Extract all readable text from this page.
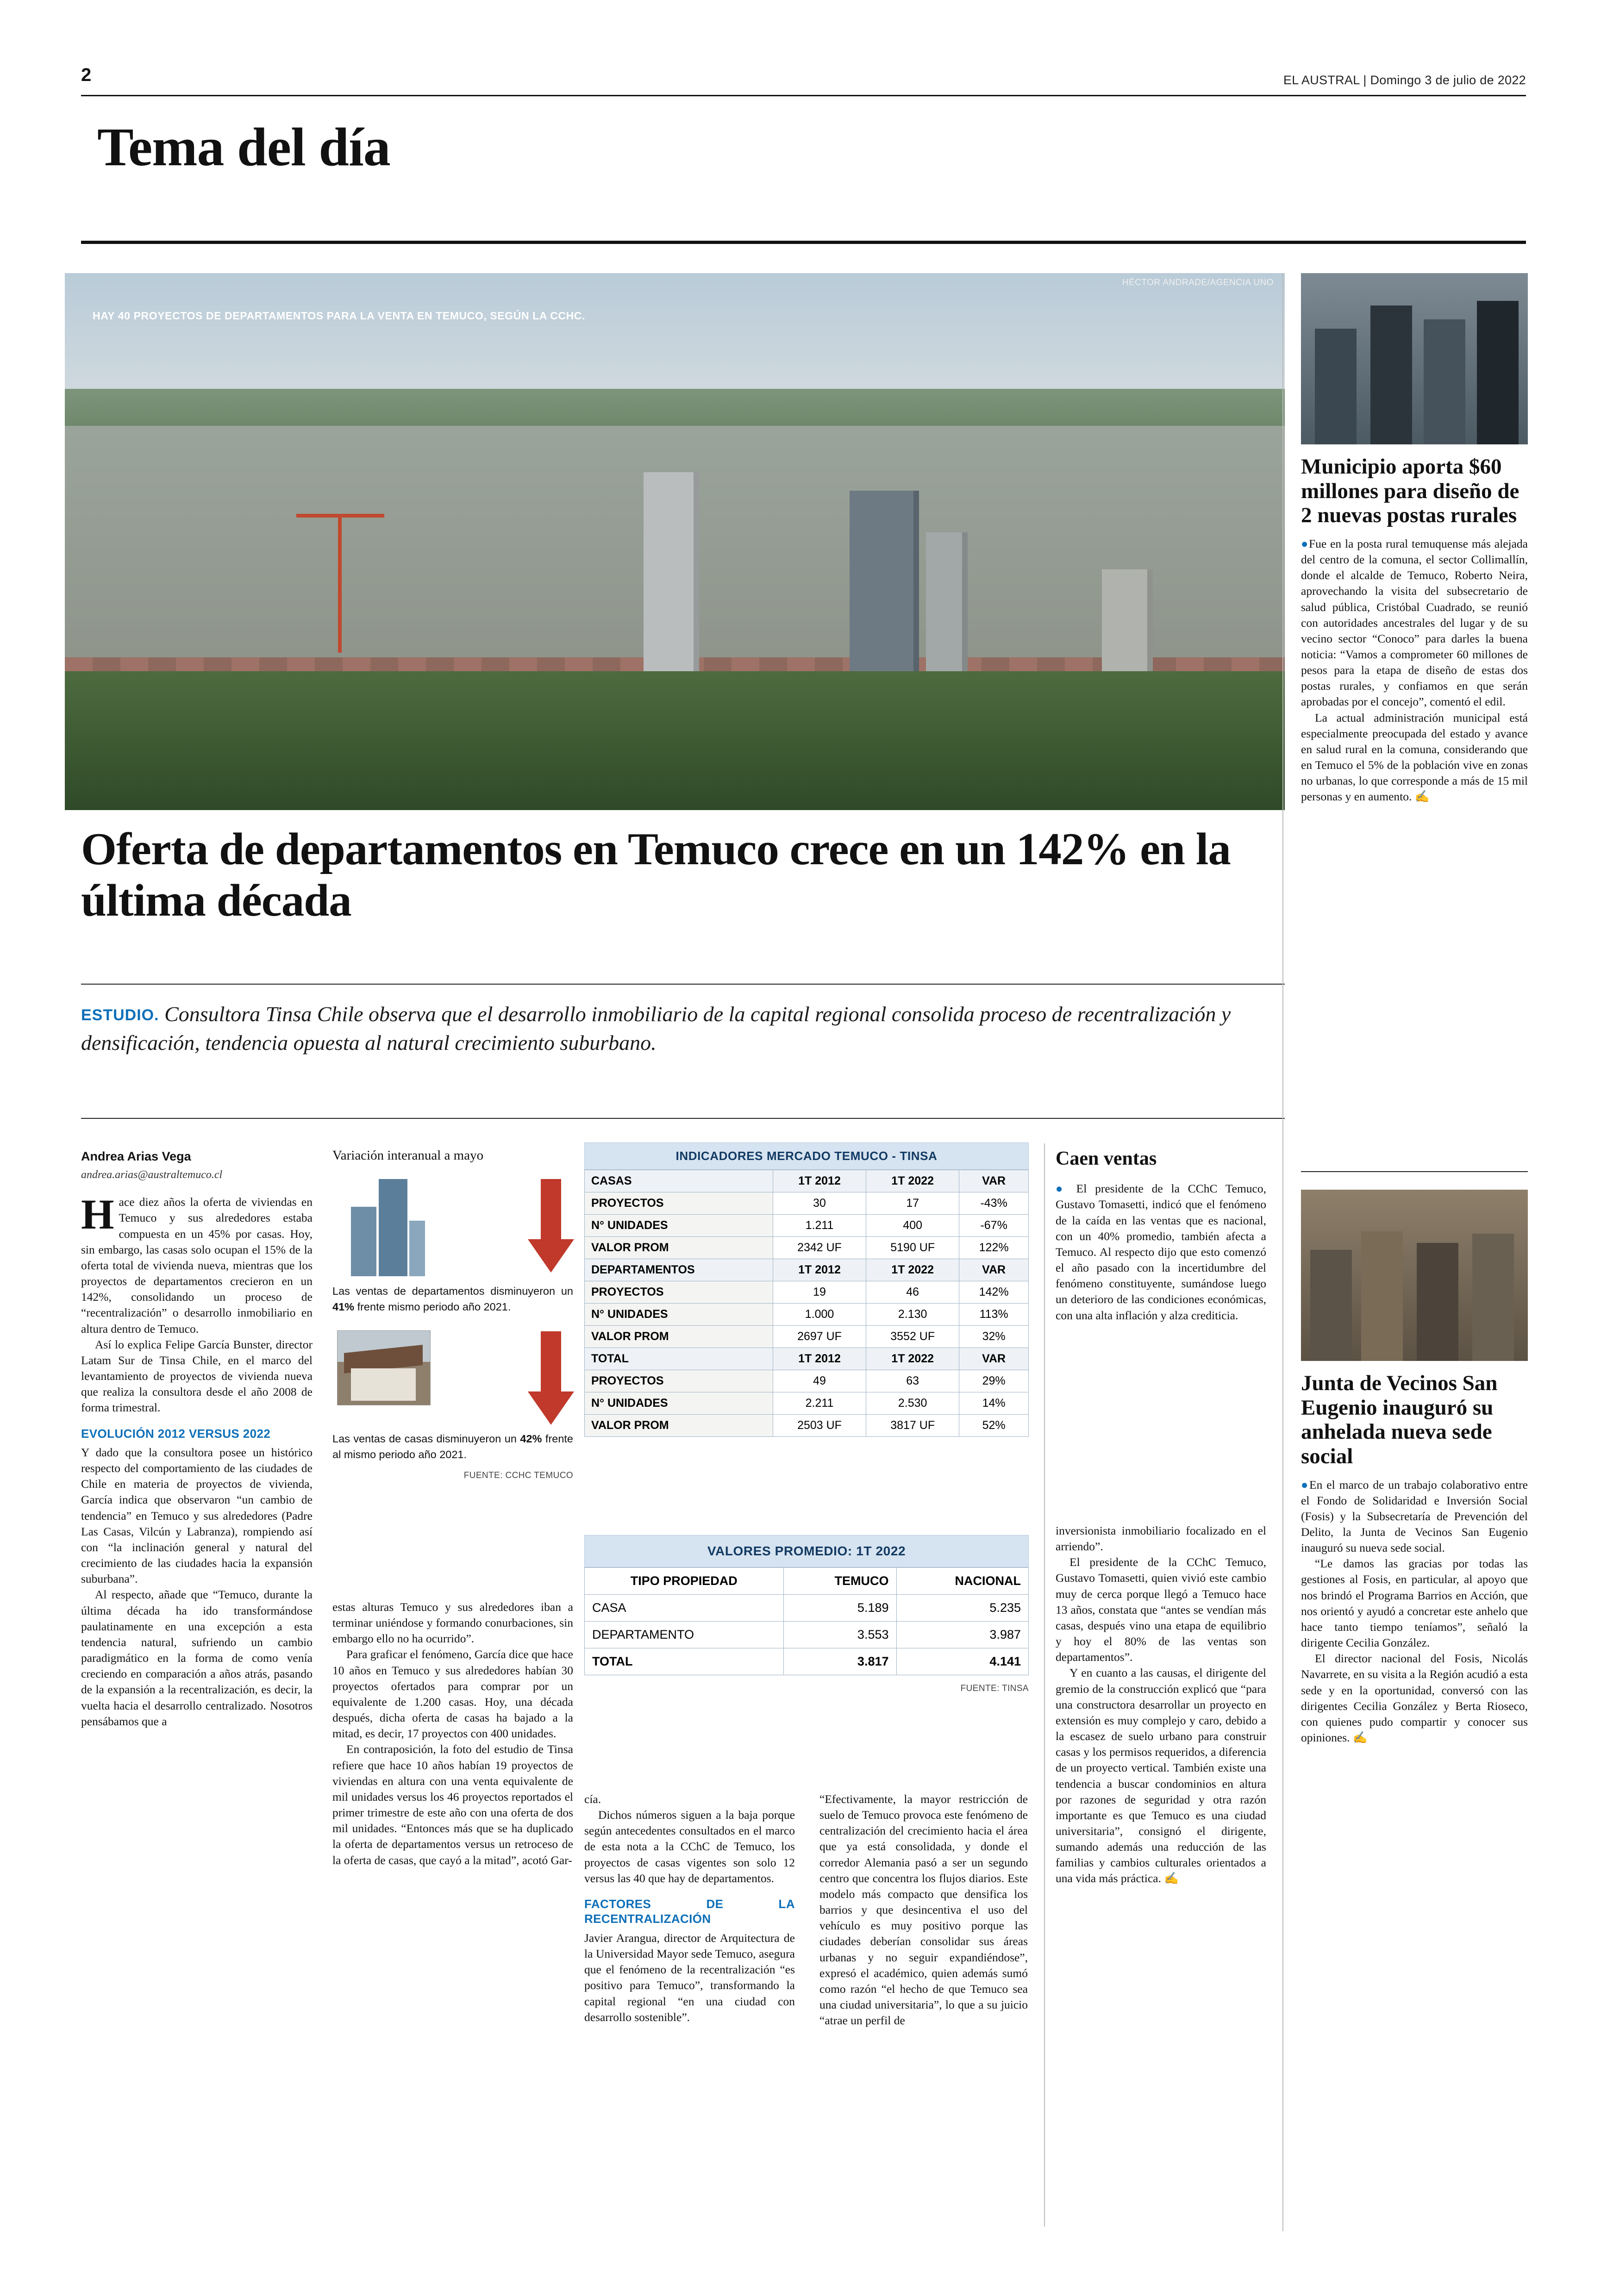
2	EL AUSTRAL | Domingo 3 de julio de 2022
Tema del día
HÉCTOR ANDRADE/AGENCIA UNO
HAY 40 PROYECTOS DE DEPARTAMENTOS PARA LA VENTA EN TEMUCO, SEGÚN LA CCHC.
Oferta de departamentos en Temuco crece en un 142% en la última década
ESTUDIO. Consultora Tinsa Chile observa que el desarrollo inmobiliario de la capital regional consolida proceso de recentralización y densificación, tendencia opuesta al natural crecimiento suburbano.
Andrea Arias Vega
andrea.arias@australtemuco.cl

Hace diez años la oferta de viviendas en Temuco y sus alrededores estaba compuesta en un 45% por casas. Hoy, sin embargo, las casas solo ocupan el 15% de la oferta total de vivienda nueva, mientras que los proyectos de departamentos crecieron en un 142%, consolidando un proceso de “recentralización” o desarrollo inmobiliario en altura dentro de Temuco.

Así lo explica Felipe García Bunster, director Latam Sur de Tinsa Chile, en el marco del levantamiento de proyectos de vivienda nueva que realiza la consultora desde el año 2008 de forma trimestral.

EVOLUCIÓN 2012 VERSUS 2022

Y dado que la consultora posee un histórico respecto del comportamiento de las ciudades de Chile en materia de proyectos de vivienda, García indica que observaron “un cambio de tendencia” en Temuco y sus alrededores (Padre Las Casas, Vilcún y Labranza), rompiendo así con “la inclinación general y natural del crecimiento de las ciudades hacia la expansión suburbana”.

Al respecto, añade que “Temuco, durante la última década ha ido transformándose paulatinamente en una excepción a esta tendencia natural, sufriendo un cambio paradigmático en la forma de como venía creciendo en comparación a años atrás, pasando de la expansión a la recentralización, es decir, la vuelta hacia el desarrollo centralizado. Nosotros pensábamos que a

Variación interanual a mayo
Las ventas de departamentos disminuyeron un 41% frente mismo periodo año 2021.
Las ventas de casas disminuyeron un 42% frente al mismo periodo año 2021.
FUENTE: CCHC TEMUCO

estas alturas Temuco y sus alrededores iban a terminar uniéndose y formando conurbaciones, sin embargo ello no ha ocurrido”.

Para graficar el fenómeno, García dice que hace 10 años en Temuco y sus alrededores habían 30 proyectos ofertados para comprar por un equivalente de 1.200 casas. Hoy, una década después, dicha oferta de casas ha bajado a la mitad, es decir, 17 proyectos con 400 unidades.

En contraposición, la foto del estudio de Tinsa refiere que hace 10 años habían 19 proyectos de viviendas en altura con una venta equivalente de mil unidades versus los 46 proyectos reportados el primer trimestre de este año con una oferta de dos mil unidades. “Entonces más que se ha duplicado la oferta de departamentos versus un retroceso de la oferta de casas, que cayó a la mitad”, acotó Gar-

INDICADORES MERCADO TEMUCO - TINSA
CASAS	1T 2012	1T 2022	VAR
PROYECTOS	30	17	-43%
N° UNIDADES	1.211	400	-67%
VALOR PROM	2342 UF	5190 UF	122%
DEPARTAMENTOS	1T 2012	1T 2022	VAR
PROYECTOS	19	46	142%
N° UNIDADES	1.000	2.130	113%
VALOR PROM	2697 UF	3552 UF	32%
TOTAL	1T 2012	1T 2022	VAR
PROYECTOS	49	63	29%
N° UNIDADES	2.211	2.530	14%
VALOR PROM	2503 UF	3817 UF	52%
VALORES PROMEDIO: 1T 2022
TIPO PROPIEDAD	TEMUCO	NACIONAL
CASA	5.189	5.235
DEPARTAMENTO	3.553	3.987
TOTAL	3.817	4.141
FUENTE: TINSA

cía.

Dichos números siguen a la baja porque según antecedentes consultados en el marco de esta nota a la CChC de Temuco, los proyectos de casas vigentes son solo 12 versus las 40 que hay de departamentos.

FACTORES DE LA RECENTRALIZACIÓN

Javier Arangua, director de Arquitectura de la Universidad Mayor sede Temuco, asegura que el fenómeno de la recentralización “es positivo para Temuco”, transformando la capital regional “en una ciudad con desarrollo sostenible”.

“Efectivamente, la mayor restricción de suelo de Temuco provoca este fenómeno de centralización del crecimiento hacia el área que ya está consolidada, y donde el corredor Alemania pasó a ser un segundo centro que concentra los flujos diarios. Este modelo más compacto que densifica los barrios y que desincentiva el uso del vehículo es muy positivo porque las ciudades deberían consolidar sus áreas urbanas y no seguir expandiéndose”, expresó el académico, quien además sumó como razón “el hecho de que Temuco sea una ciudad universitaria”, lo que a su juicio “atrae un perfil de

Caen ventas

● El presidente de la CChC Temuco, Gustavo Tomasetti, indicó que el fenómeno de la caída en las ventas que es nacional, con un 40% promedio, también afecta a Temuco. Al respecto dijo que esto comenzó el año pasado con la incertidumbre del fenómeno constituyente, sumándose luego un deterioro de las condiciones económicas, con una alta inflación y alza crediticia.

inversionista inmobiliario focalizado en el arriendo”.

El presidente de la CChC Temuco, Gustavo Tomasetti, quien vivió este cambio muy de cerca porque llegó a Temuco hace 13 años, constata que “antes se vendían más casas, después vino una etapa de equilibrio y hoy el 80% de las ventas son departamentos”.

Y en cuanto a las causas, el dirigente del gremio de la construcción explicó que “para una constructora desarrollar un proyecto en extensión es muy complejo y caro, debido a la escasez de suelo urbano para construir casas y los permisos requeridos, a diferencia de un proyecto vertical. También existe una tendencia a buscar condominios en altura por razones de seguridad y otra razón importante es que Temuco es una ciudad universitaria”, consignó el dirigente, sumando además una reducción de las familias y cambios culturales orientados a una vida más práctica. ✍

Municipio aporta $60 millones para diseño de 2 nuevas postas rurales

●Fue en la posta rural temuquense más alejada del centro de la comuna, el sector Collimallín, donde el alcalde de Temuco, Roberto Neira, aprovechando la visita del subsecretario de salud pública, Cristóbal Cuadrado, se reunió con autoridades ancestrales del lugar y de su vecino sector “Conoco” para darles la buena noticia: “Vamos a comprometer 60 millones de pesos para la etapa de diseño de estas dos postas rurales, y confiamos en que serán aprobadas por el concejo”, comentó el edil.

La actual administración municipal está especialmente preocupada del estado y avance en salud rural en la comuna, considerando que en Temuco el 5% de la población vive en zonas no urbanas, lo que corresponde a más de 15 mil personas y en aumento. ✍

Junta de Vecinos San Eugenio inauguró su anhelada nueva sede social

●En el marco de un trabajo colaborativo entre el Fondo de Solidaridad e Inversión Social (Fosis) y la Subsecretaría de Prevención del Delito, la Junta de Vecinos San Eugenio inauguró su nueva sede social.

“Le damos las gracias por todas las gestiones al Fosis, en particular, al apoyo que nos brindó el Programa Barrios en Acción, que nos orientó y ayudó a concretar este anhelo que hace tanto tiempo teníamos”, señaló la dirigente Cecilia González.

El director nacional del Fosis, Nicolás Navarrete, en su visita a la Región acudió a esta sede y en la oportunidad, conversó con las dirigentes Cecilia González y Berta Rioseco, con quienes pudo compartir y conocer sus opiniones. ✍
